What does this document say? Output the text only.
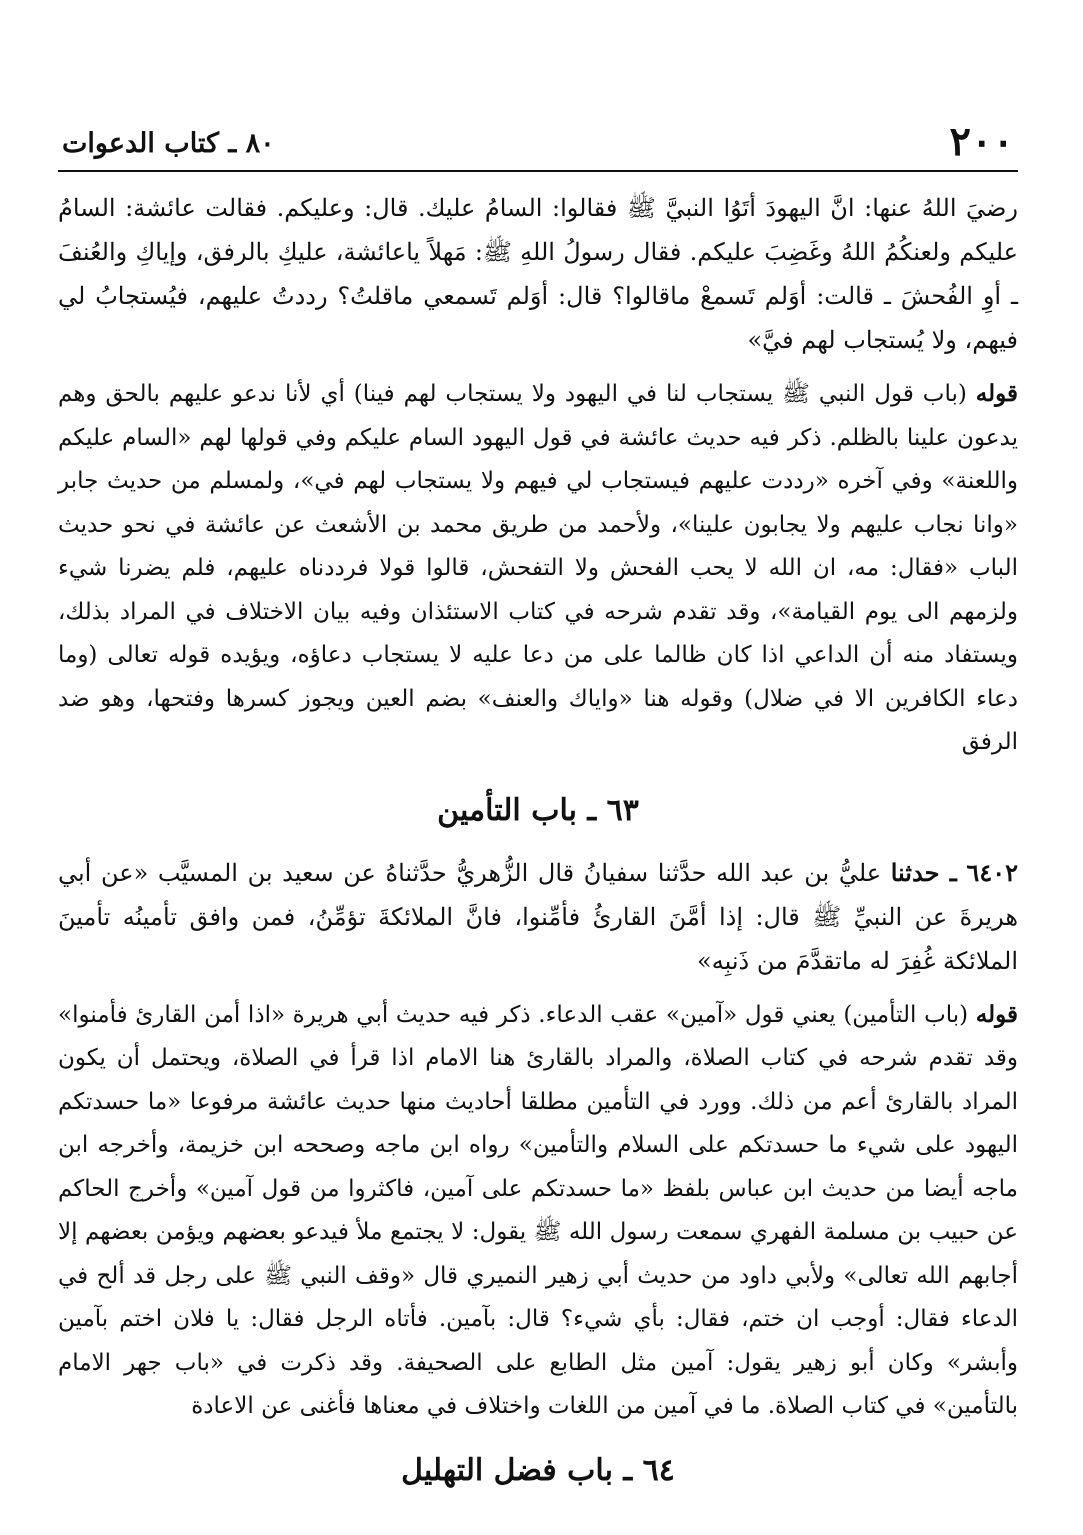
٢٠٠
٨٠ ـ كتاب الدعوات

رضيَ اللهُ عنها: انَّ اليهودَ أتَوُا النبيَّ ﷺ فقالوا: السامُ عليك. قال: وعليكم. فقالت عائشة: السامُ عليكم ولعنكُمُ اللهُ وغَضِبَ عليكم. فقال رسولُ اللهِ ﷺ: مَهلاً ياعائشة، عليكِ بالرفق، وإياكِ والعُنفَ ـ أوِ الفُحشَ ـ قالت: أوَلم تَسمعْ ماقالوا؟ قال: أوَلم تَسمعي ماقلتُ؟ رددتُ عليهم، فيُستجابُ لي فيهم، ولا يُستجاب لهم فيَّ»

قوله (باب قول النبي ﷺ يستجاب لنا في اليهود ولا يستجاب لهم فينا) أي لأنا ندعو عليهم بالحق وهم يدعون علينا بالظلم. ذكر فيه حديث عائشة في قول اليهود السام عليكم وفي قولها لهم «السام عليكم واللعنة» وفي آخره «رددت عليهم فيستجاب لي فيهم ولا يستجاب لهم في»، ولمسلم من حديث جابر «وانا نجاب عليهم ولا يجابون علينا»، ولأحمد من طريق محمد بن الأشعث عن عائشة في نحو حديث الباب «فقال: مه، ان الله لا يحب الفحش ولا التفحش، قالوا قولا فرددناه عليهم، فلم يضرنا شيء ولزمهم الى يوم القيامة»، وقد تقدم شرحه في كتاب الاستئذان وفيه بيان الاختلاف في المراد بذلك، ويستفاد منه أن الداعي اذا كان ظالما على من دعا عليه لا يستجاب دعاؤه، ويؤيده قوله تعالى (وما دعاء الكافرين الا في ضلال) وقوله هنا «واياك والعنف» بضم العين ويجوز كسرها وفتحها، وهو ضد الرفق

٦٣ ـ باب التأمين

٦٤٠٢ ـ حدثنا عليُّ بن عبد الله حدَّثنا سفيانُ قال الزُّهريُّ حدَّثناهُ عن سعيد بن المسيَّب «عن أبي هريرةَ عن النبيِّ ﷺ قال: إذا أمَّنَ القارئُ فأمِّنوا، فانَّ الملائكةَ تؤمِّنُ، فمن وافق تأمينُه تأمينَ الملائكة غُفِرَ له ماتقدَّمَ من ذَنبِه»

قوله (باب التأمين) يعني قول «آمين» عقب الدعاء. ذكر فيه حديث أبي هريرة «اذا أمن القارئ فأمنوا» وقد تقدم شرحه في كتاب الصلاة، والمراد بالقارئ هنا الامام اذا قرأ في الصلاة، ويحتمل أن يكون المراد بالقارئ أعم من ذلك. وورد في التأمين مطلقا أحاديث منها حديث عائشة مرفوعا «ما حسدتكم اليهود على شيء ما حسدتكم على السلام والتأمين» رواه ابن ماجه وصححه ابن خزيمة، وأخرجه ابن ماجه أيضا من حديث ابن عباس بلفظ «ما حسدتكم على آمين، فاكثروا من قول آمين» وأخرج الحاكم عن حبيب بن مسلمة الفهري سمعت رسول الله ﷺ يقول: لا يجتمع ملأ فيدعو بعضهم ويؤمن بعضهم إلا أجابهم الله تعالى» ولأبي داود من حديث أبي زهير النميري قال «وقف النبي ﷺ على رجل قد ألح في الدعاء فقال: أوجب ان ختم، فقال: بأي شيء؟ قال: بآمين. فأتاه الرجل فقال: يا فلان اختم بآمين وأبشر» وكان أبو زهير يقول: آمين مثل الطابع على الصحيفة. وقد ذكرت في «باب جهر الامام بالتأمين» في كتاب الصلاة. ما في آمين من اللغات واختلاف في معناها فأغنى عن الاعادة

٦٤ ـ باب فضل التهليل
